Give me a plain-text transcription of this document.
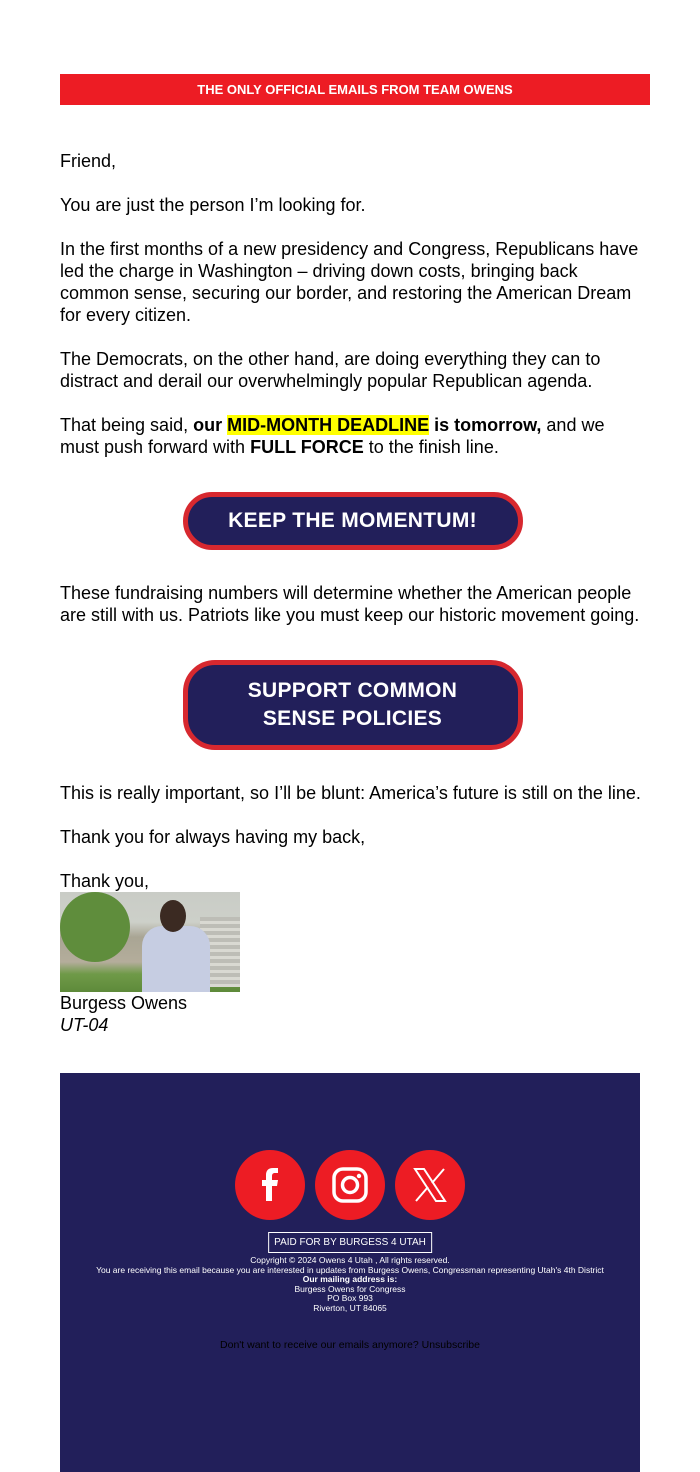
THE ONLY OFFICIAL EMAILS FROM TEAM OWENS

Friend,

You are just the person I’m looking for.

In the first months of a new presidency and Congress, Republicans have led the charge in Washington – driving down costs, bringing back common sense, securing our border, and restoring the American Dream for every citizen.

The Democrats, on the other hand, are doing everything they can to distract and derail our overwhelmingly popular Republican agenda.

That being said, our MID-MONTH DEADLINE is tomorrow, and we must push forward with FULL FORCE to the finish line.

KEEP THE MOMENTUM!

These fundraising numbers will determine whether the American people are still with us. Patriots like you must keep our historic movement going.

SUPPORT COMMON
SENSE POLICIES

This is really important, so I’ll be blunt: America’s future is still on the line.

Thank you for always having my back,

Thank you,
Burgess Owens
UT-04
PAID FOR BY BURGESS 4 UTAH
Copyright © 2024 Owens 4 Utah , All rights reserved.
You are receiving this email because you are interested in updates from Burgess Owens, Congressman representing Utah's 4th District
Our mailing address is:
Burgess Owens for Congress
PO Box 993
Riverton, UT 84065
Don't want to receive our emails anymore? Unsubscribe
